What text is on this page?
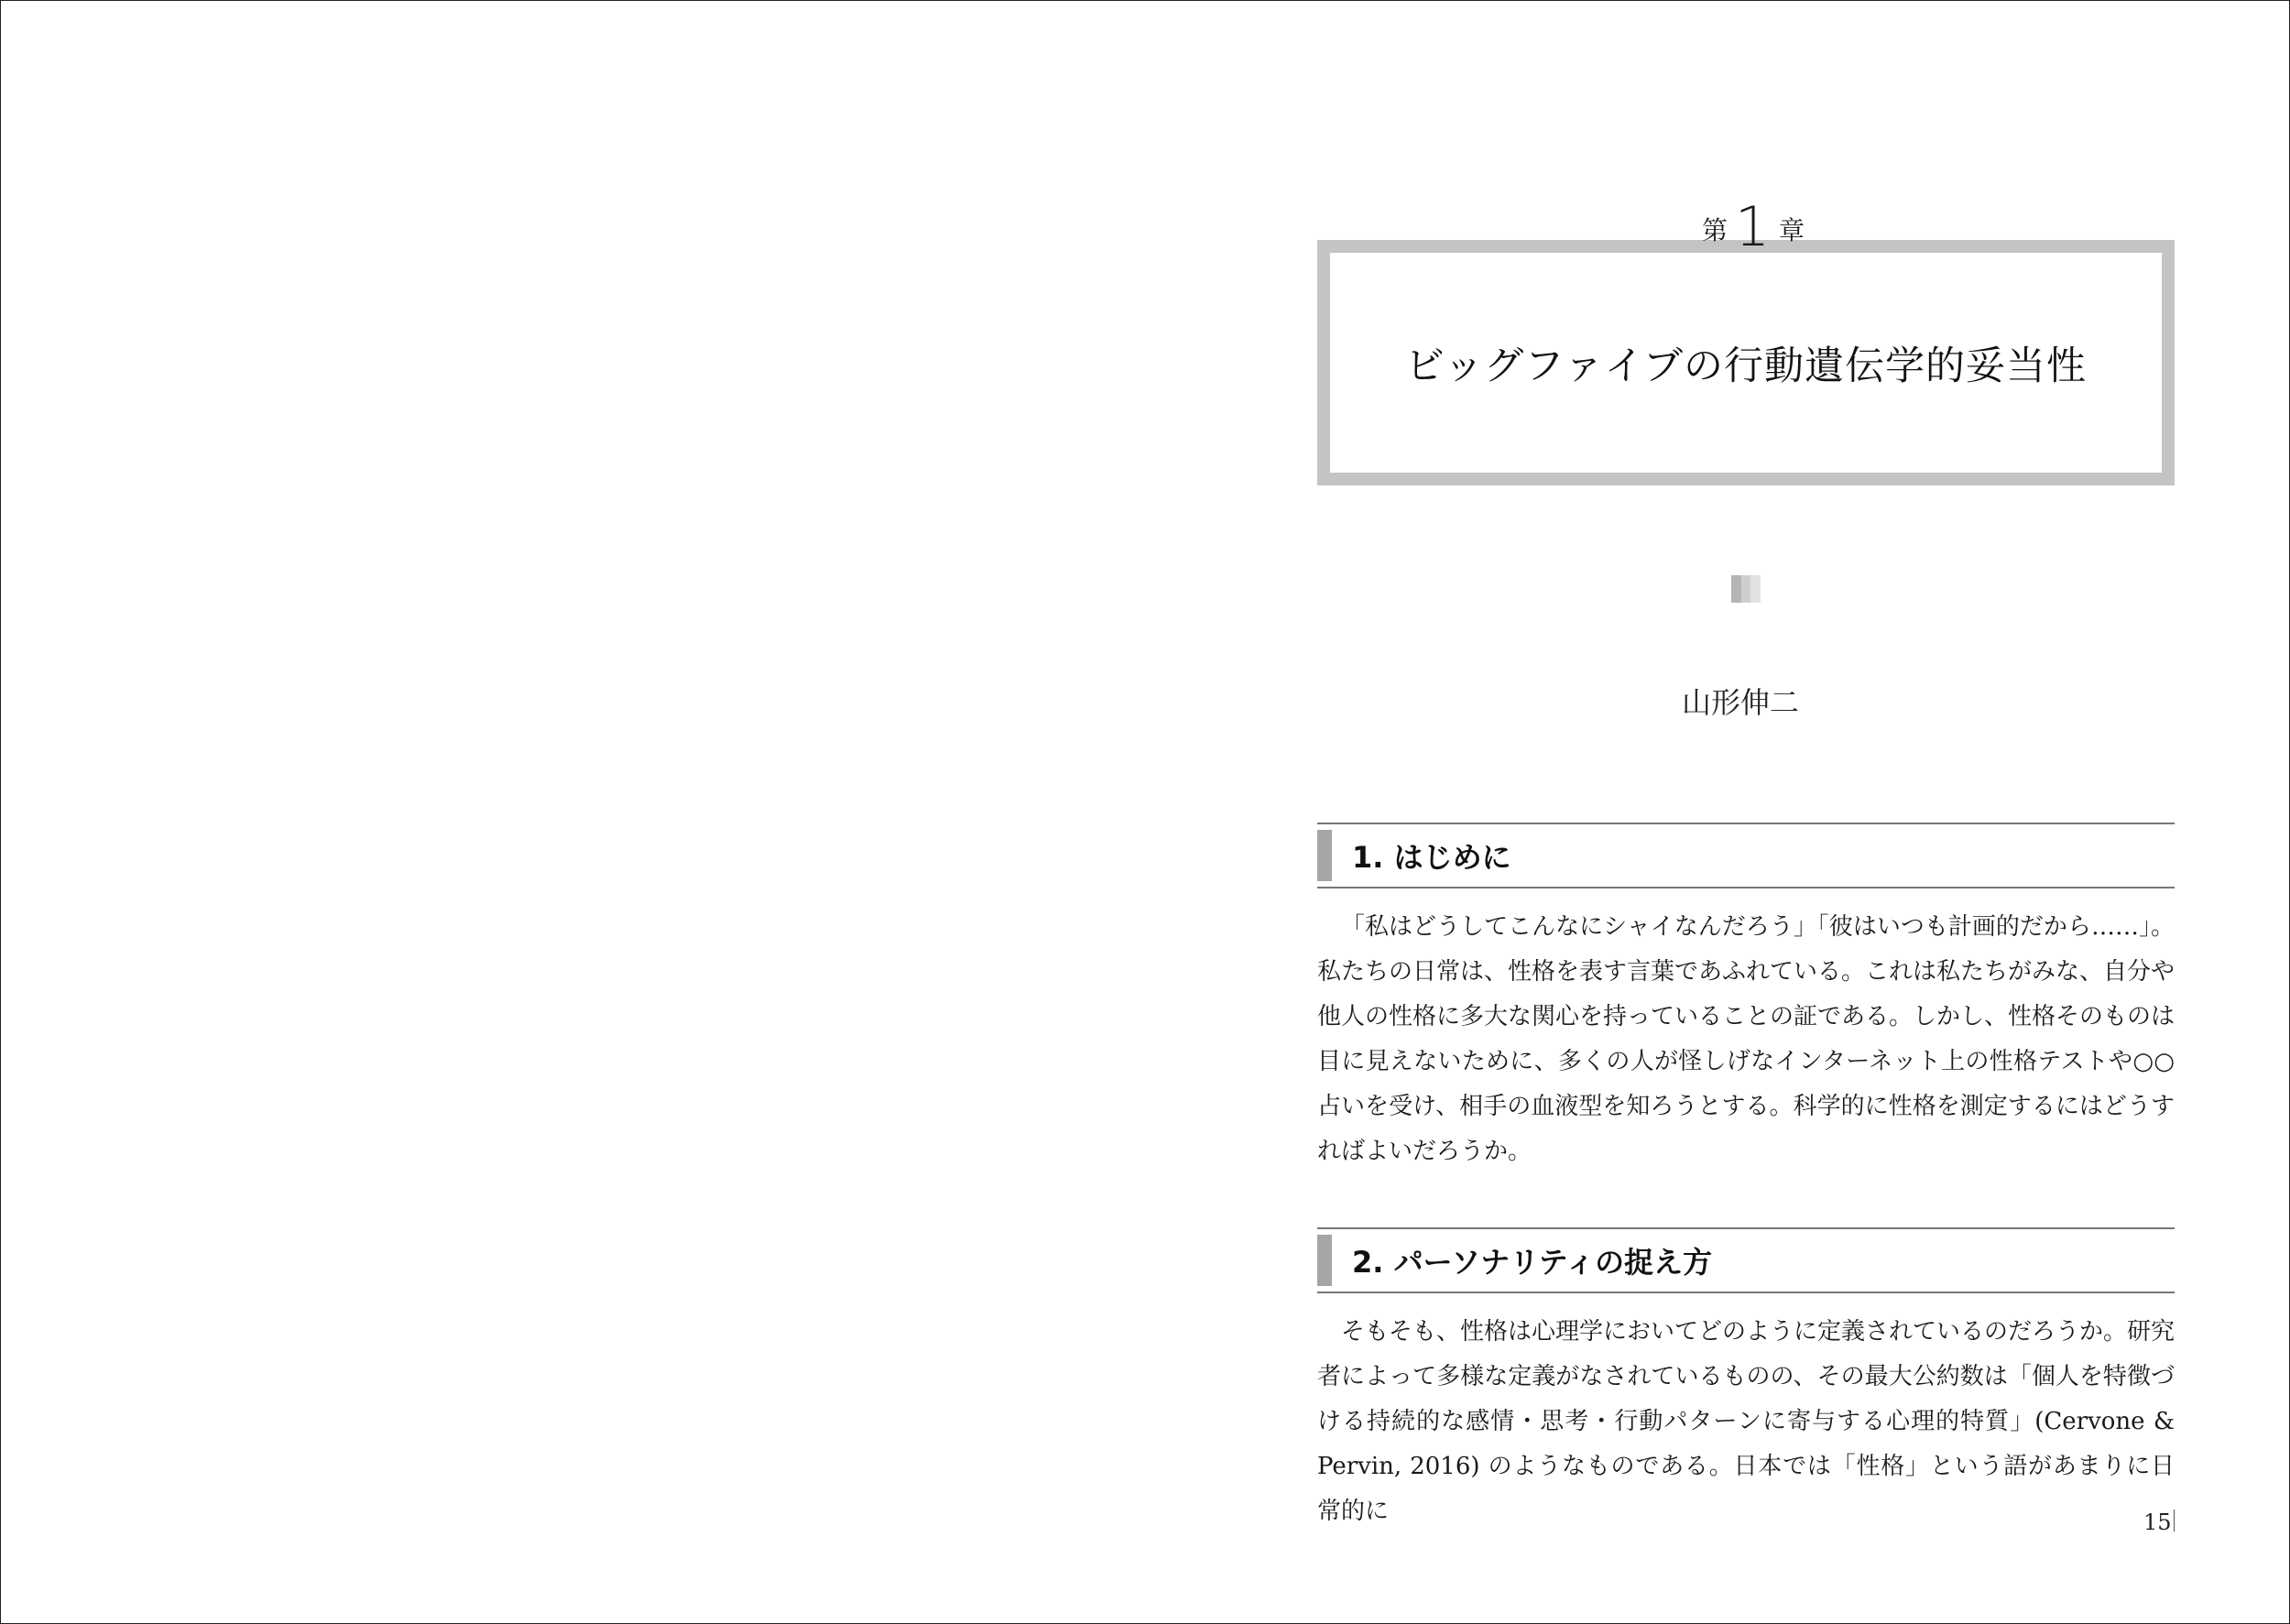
第 1 章
ビッグファイブの行動遺伝学的妥当性
山形伸二
1. はじめに

「私はどうしてこんなにシャイなんだろう」「彼はいつも計画的だから……」。私たちの日常は、性格を表す言葉であふれている。これは私たちがみな、自分や他人の性格に多大な関心を持っていることの証である。しかし、性格そのものは目に見えないために、多くの人が怪しげなインターネット上の性格テストや○○占いを受け、相手の血液型を知ろうとする。科学的に性格を測定するにはどうすればよいだろうか。

2. パーソナリティの捉え方

そもそも、性格は心理学においてどのように定義されているのだろうか。研究者によって多様な定義がなされているものの、その最大公約数は「個人を特徴づける持続的な感情・思考・行動パターンに寄与する心理的特質」(Cervone & Pervin, 2016) のようなものである。日本では「性格」という語があまりに日常的に	15
